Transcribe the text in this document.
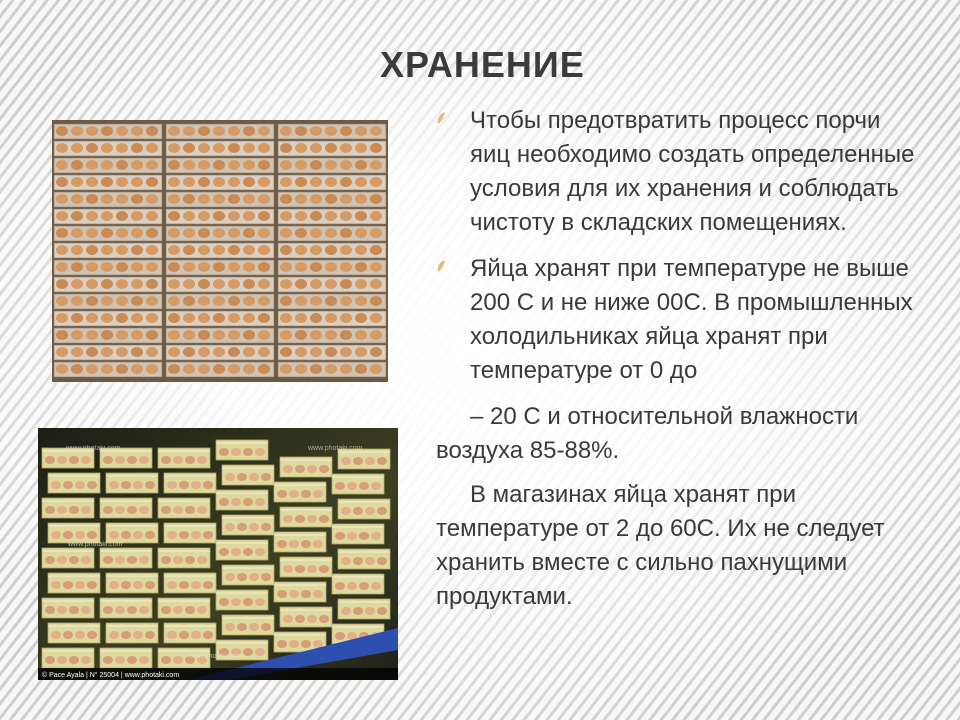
ХРАНЕНИЕ
www.photaki.com	www.photaki.com
www.photaki.com
www.photaki.com
© Pace Ayala | N° 25004 | www.photaki.com
Чтобы предотвратить процесс порчи яиц необходимо создать определенные условия для их хранения и соблюдать чистоту в складских помещениях.
Яйца хранят при температуре не выше 200 С и не ниже 00С. В промышленных холодильниках яйца хранят при температуре от 0 до

– 20 С и относительной влажности воздуха 85-88%.

В магазинах яйца хранят при температуре от 2 до 60С. Их не следует хранить вместе с сильно пахнущими продуктами.
